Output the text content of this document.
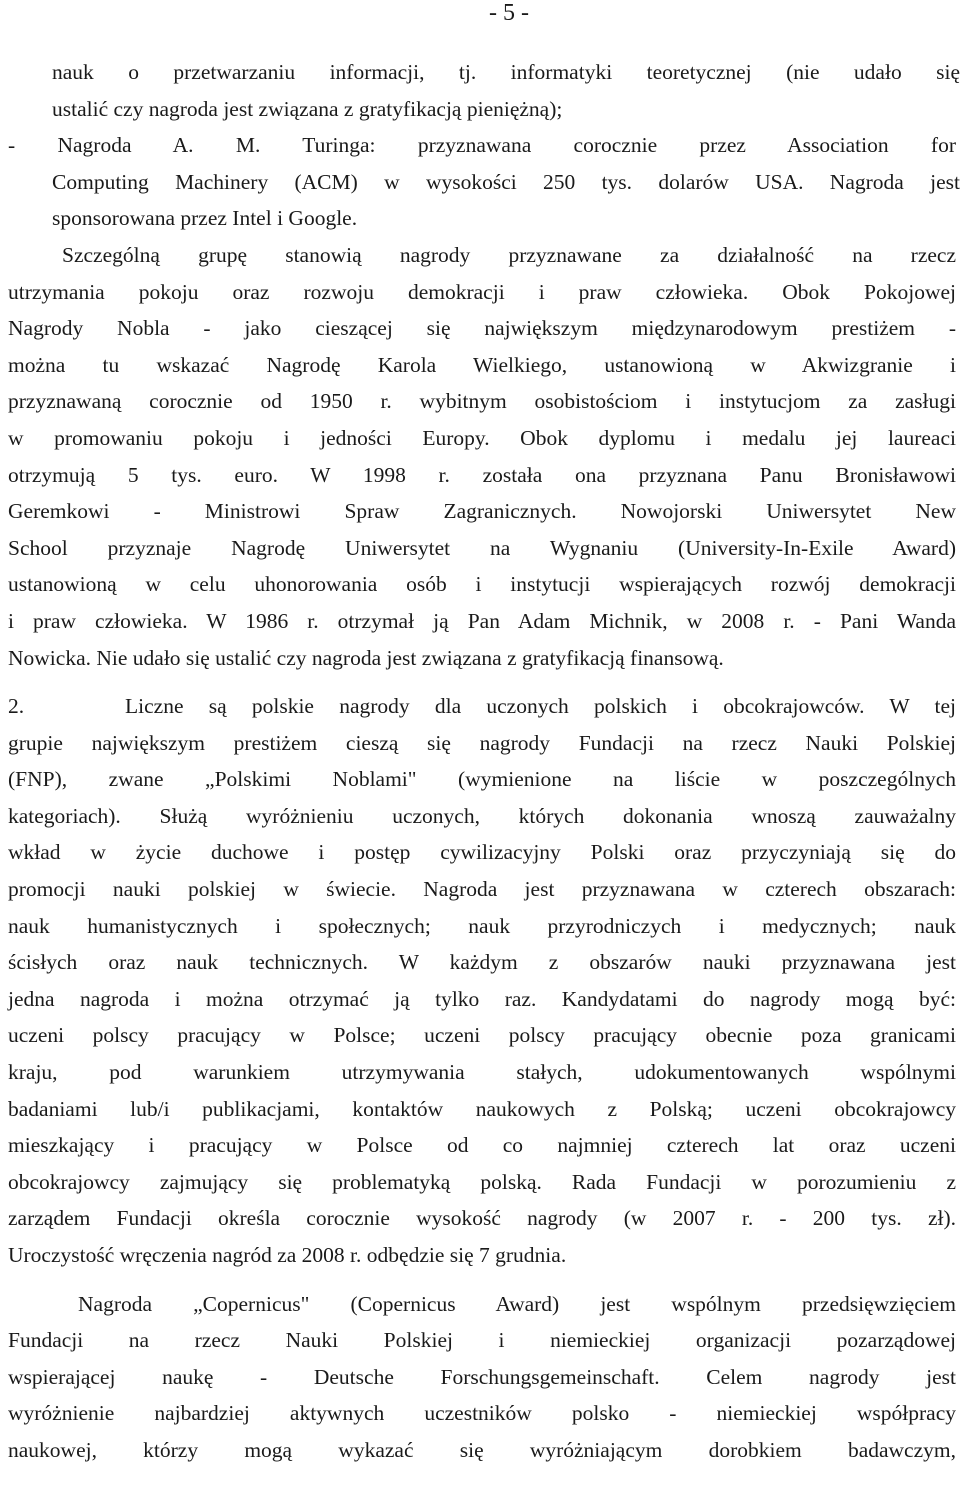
- 5 -
nauk o przetwarzaniu informacji, tj. informatyki teoretycznej (nie udało się
ustalić czy nagroda jest związana z gratyfikacją pieniężną);
- Nagroda A. M. Turinga: przyznawana corocznie przez Association for
Computing Machinery (ACM) w wysokości 250 tys. dolarów USA. Nagroda jest
sponsorowana przez Intel i Google.
Szczególną grupę stanowią nagrody przyznawane za działalność na rzecz
utrzymania pokoju oraz rozwoju demokracji i praw człowieka. Obok Pokojowej
Nagrody Nobla - jako cieszącej się największym międzynarodowym prestiżem -
można tu wskazać Nagrodę Karola Wielkiego, ustanowioną w Akwizgranie i
przyznawaną corocznie od 1950 r. wybitnym osobistościom i instytucjom za zasługi
w promowaniu pokoju i jedności Europy. Obok dyplomu i medalu jej laureaci
otrzymują 5 tys. euro. W 1998 r. została ona przyznana Panu Bronisławowi
Geremkowi - Ministrowi Spraw Zagranicznych. Nowojorski Uniwersytet New
School przyznaje Nagrodę Uniwersytet na Wygnaniu (University-In-Exile Award)
ustanowioną w celu uhonorowania osób i instytucji wspierających rozwój demokracji
i praw człowieka. W 1986 r. otrzymał ją Pan Adam Michnik, w 2008 r. - Pani Wanda
Nowicka. Nie udało się ustalić czy nagroda jest związana z gratyfikacją finansową.
2.    Liczne są polskie nagrody dla uczonych polskich i obcokrajowców. W tej
grupie największym prestiżem cieszą się nagrody Fundacji na rzecz Nauki Polskiej
(FNP), zwane „Polskimi Noblami" (wymienione na liście w poszczególnych
kategoriach). Służą wyróżnieniu uczonych, których dokonania wnoszą zauważalny
wkład w życie duchowe i postęp cywilizacyjny Polski oraz przyczyniają się do
promocji nauki polskiej w świecie. Nagroda jest przyznawana w czterech obszarach:
nauk humanistycznych i społecznych; nauk przyrodniczych i medycznych; nauk
ścisłych oraz nauk technicznych. W każdym z obszarów nauki przyznawana jest
jedna nagroda i można otrzymać ją tylko raz. Kandydatami do nagrody mogą być:
uczeni polscy pracujący w Polsce; uczeni polscy pracujący obecnie poza granicami
kraju, pod warunkiem utrzymywania stałych, udokumentowanych wspólnymi
badaniami lub/i publikacjami, kontaktów naukowych z Polską; uczeni obcokrajowcy
mieszkający i pracujący w Polsce od co najmniej czterech lat oraz uczeni
obcokrajowcy zajmujący się problematyką polską. Rada Fundacji w porozumieniu z
zarządem Fundacji określa corocznie wysokość nagrody (w 2007 r. - 200 tys. zł).
Uroczystość wręczenia nagród za 2008 r. odbędzie się 7 grudnia.
Nagroda „Copernicus" (Copernicus Award) jest wspólnym przedsięwzięciem
Fundacji na rzecz Nauki Polskiej i niemieckiej organizacji pozarządowej
wspierającej naukę - Deutsche Forschungsgemeinschaft. Celem nagrody jest
wyróżnienie najbardziej aktywnych uczestników polsko - niemieckiej współpracy
naukowej, którzy mogą wykazać się wyróżniającym dorobkiem badawczym,
